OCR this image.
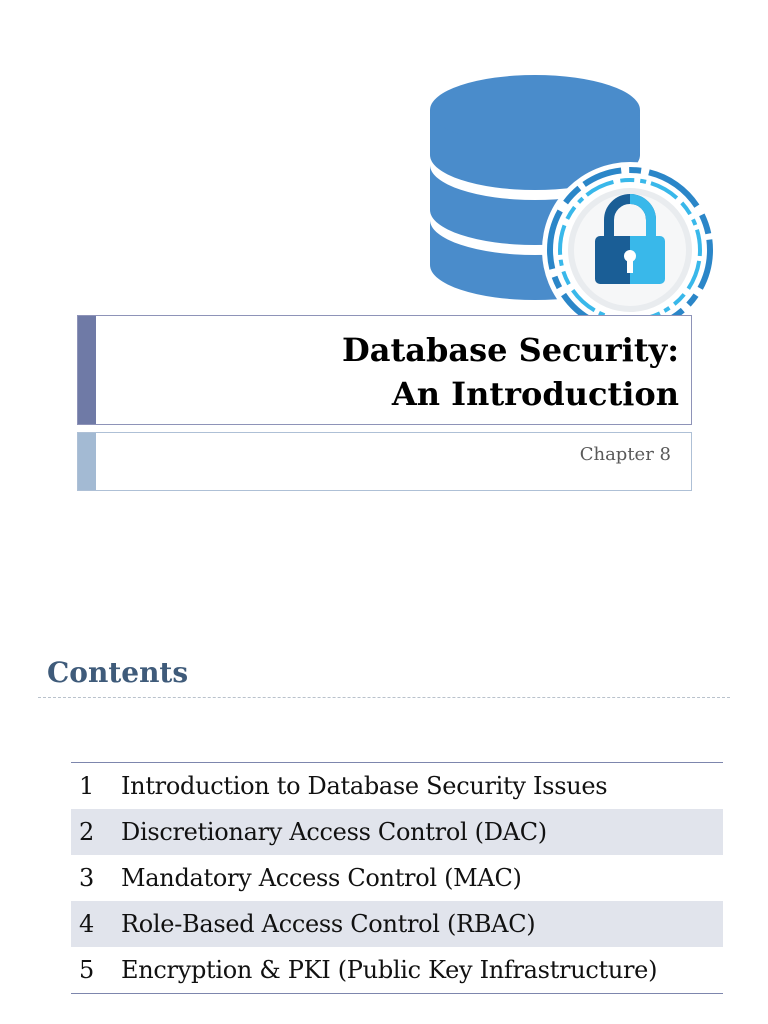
Database Security:
An Introduction
Chapter 8
Contents
1	Introduction to Database Security Issues
2	Discretionary Access Control (DAC)
3	Mandatory Access Control (MAC)
4	Role-Based Access Control (RBAC)
5	Encryption & PKI (Public Key Infrastructure)
